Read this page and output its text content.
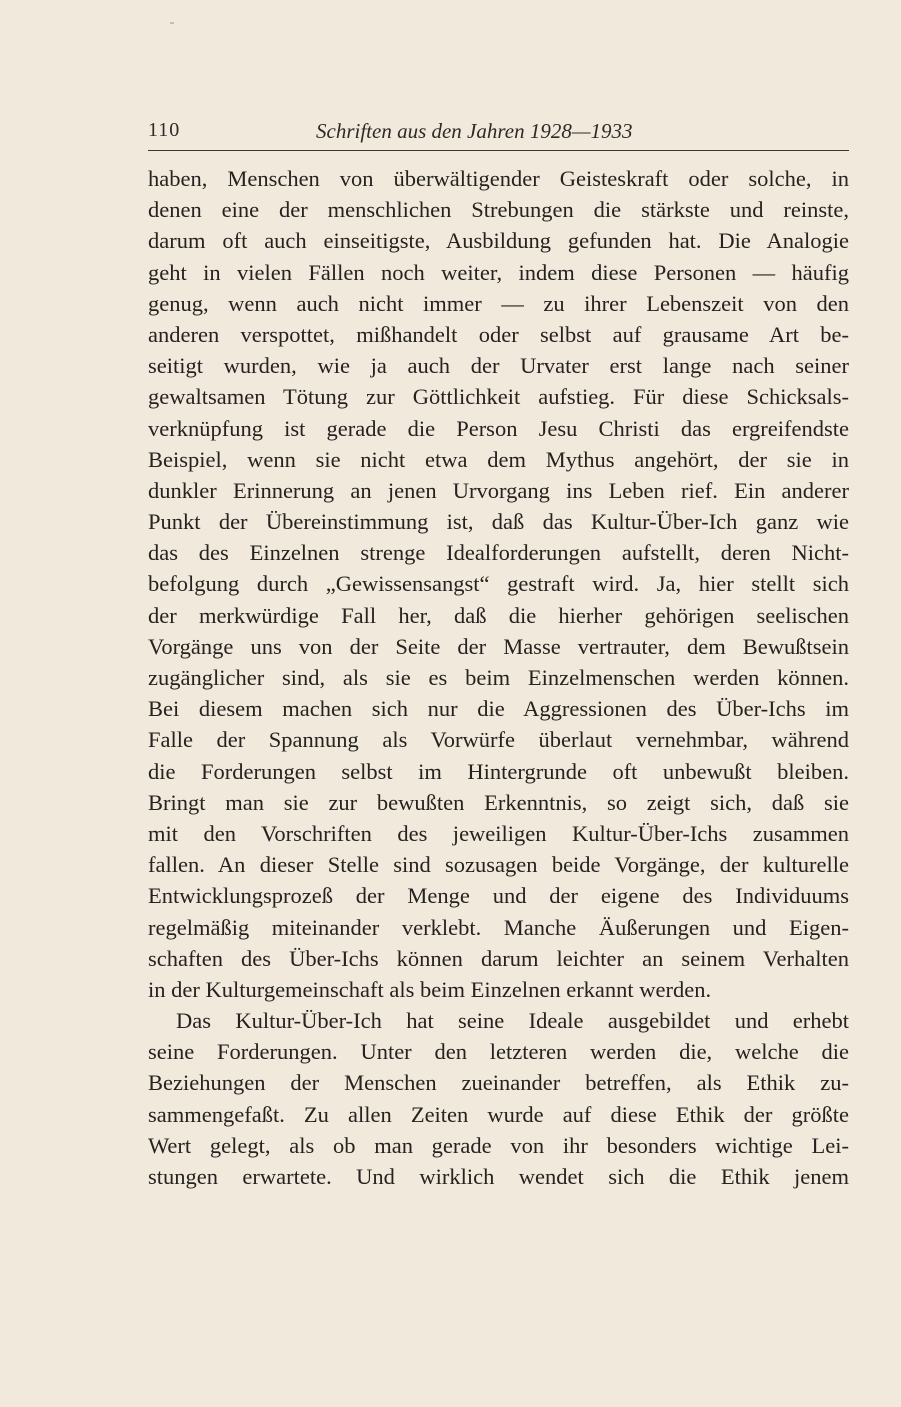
110	Schriften aus den Jahren 1928—1933
haben, Menschen von überwältigender Geisteskraft oder solche, in
denen eine der menschlichen Strebungen die stärkste und reinste,
darum oft auch einseitigste, Ausbildung gefunden hat. Die Analogie
geht in vielen Fällen noch weiter, indem diese Personen — häufig
genug, wenn auch nicht immer — zu ihrer Lebenszeit von den
anderen verspottet, mißhandelt oder selbst auf grausame Art be-
seitigt wurden, wie ja auch der Urvater erst lange nach seiner
gewaltsamen Tötung zur Göttlichkeit aufstieg. Für diese Schicksals-
verknüpfung ist gerade die Person Jesu Christi das ergreifendste
Beispiel, wenn sie nicht etwa dem Mythus angehört, der sie in
dunkler Erinnerung an jenen Urvorgang ins Leben rief. Ein anderer
Punkt der Übereinstimmung ist, daß das Kultur-Über-Ich ganz wie
das des Einzelnen strenge Idealforderungen aufstellt, deren Nicht-
befolgung durch „Gewissensangst“ gestraft wird. Ja, hier stellt sich
der merkwürdige Fall her, daß die hierher gehörigen seelischen
Vorgänge uns von der Seite der Masse vertrauter, dem Bewußtsein
zugänglicher sind, als sie es beim Einzelmenschen werden können.
Bei diesem machen sich nur die Aggressionen des Über-Ichs im
Falle der Spannung als Vorwürfe überlaut vernehmbar, während
die Forderungen selbst im Hintergrunde oft unbewußt bleiben.
Bringt man sie zur bewußten Erkenntnis, so zeigt sich, daß sie
mit den Vorschriften des jeweiligen Kultur-Über-Ichs zusammen
fallen. An dieser Stelle sind sozusagen beide Vorgänge, der kulturelle
Entwicklungsprozeß der Menge und der eigene des Individuums
regelmäßig miteinander verklebt. Manche Äußerungen und Eigen-
schaften des Über-Ichs können darum leichter an seinem Verhalten
in der Kulturgemeinschaft als beim Einzelnen erkannt werden.
Das Kultur-Über-Ich hat seine Ideale ausgebildet und erhebt
seine Forderungen. Unter den letzteren werden die, welche die
Beziehungen der Menschen zueinander betreffen, als Ethik zu-
sammengefaßt. Zu allen Zeiten wurde auf diese Ethik der größte
Wert gelegt, als ob man gerade von ihr besonders wichtige Lei-
stungen erwartete. Und wirklich wendet sich die Ethik jenem
